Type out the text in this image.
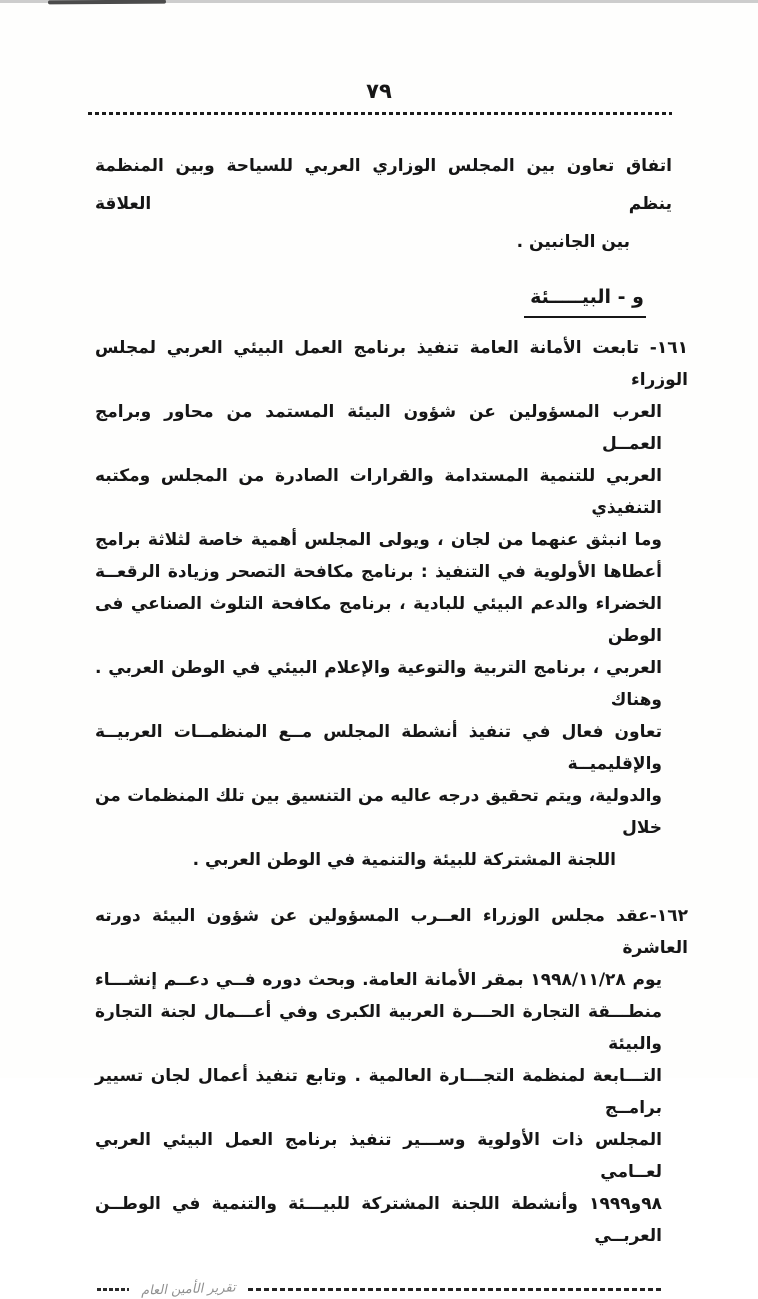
٧٩
اتفاق تعاون بين المجلس الوزاري العربي للسياحة وبين المنظمة ينظم العلاقة
بين الجانبين .
و - البيـــــئة
١٦١- تابعت الأمانة العامة تنفيذ برنامج العمل البيئي العربي لمجلس الوزراء
العرب المسؤولين عن شؤون البيئة المستمد من محاور وبرامج العمــل
العربي للتنمية المستدامة والقرارات الصادرة من المجلس ومكتبه التنفيذي
وما انبثق عنهما من لجان ، ويولى المجلس أهمية خاصة لثلاثة برامج
أعطاها الأولوية في التنفيذ : برنامج مكافحة التصحر وزيادة الرقعــة
الخضراء والدعم البيئي للبادية ، برنامج مكافحة التلوث الصناعي فى الوطن
العربي ، برنامج التربية والتوعية والإعلام البيئي في الوطن العربي . وهناك
تعاون فعال في تنفيذ أنشطة المجلس مــع المنظمــات العربيــة والإقليميــة
والدولية، ويتم تحقيق درجه عاليه من التنسيق بين تلك المنظمات من خلال
اللجنة المشتركة للبيئة والتنمية في الوطن العربي .
١٦٢-عقد مجلس الوزراء العــرب المسؤولين عن شؤون البيئة دورته العاشرة
يوم ١٩٩٨/١١/٢٨ بمقر الأمانة العامة. وبحث دوره فــي دعــم إنشـــاء
منطـــقة التجارة الحـــرة العربية الكبرى وفي أعـــمال لجنة التجارة والبيئة
التـــابعة لمنظمة التجـــارة العالمية . وتابع تنفيذ أعمال لجان تسيير برامــج
المجلس ذات الأولوية وســـير تنفيذ برنامج العمل البيئي العربي لعــامي
٩٨و١٩٩٩ وأنشطة اللجنة المشتركة للبيـــئة والتنمية في الوطــن العربــي
تقرير الأمين العام
